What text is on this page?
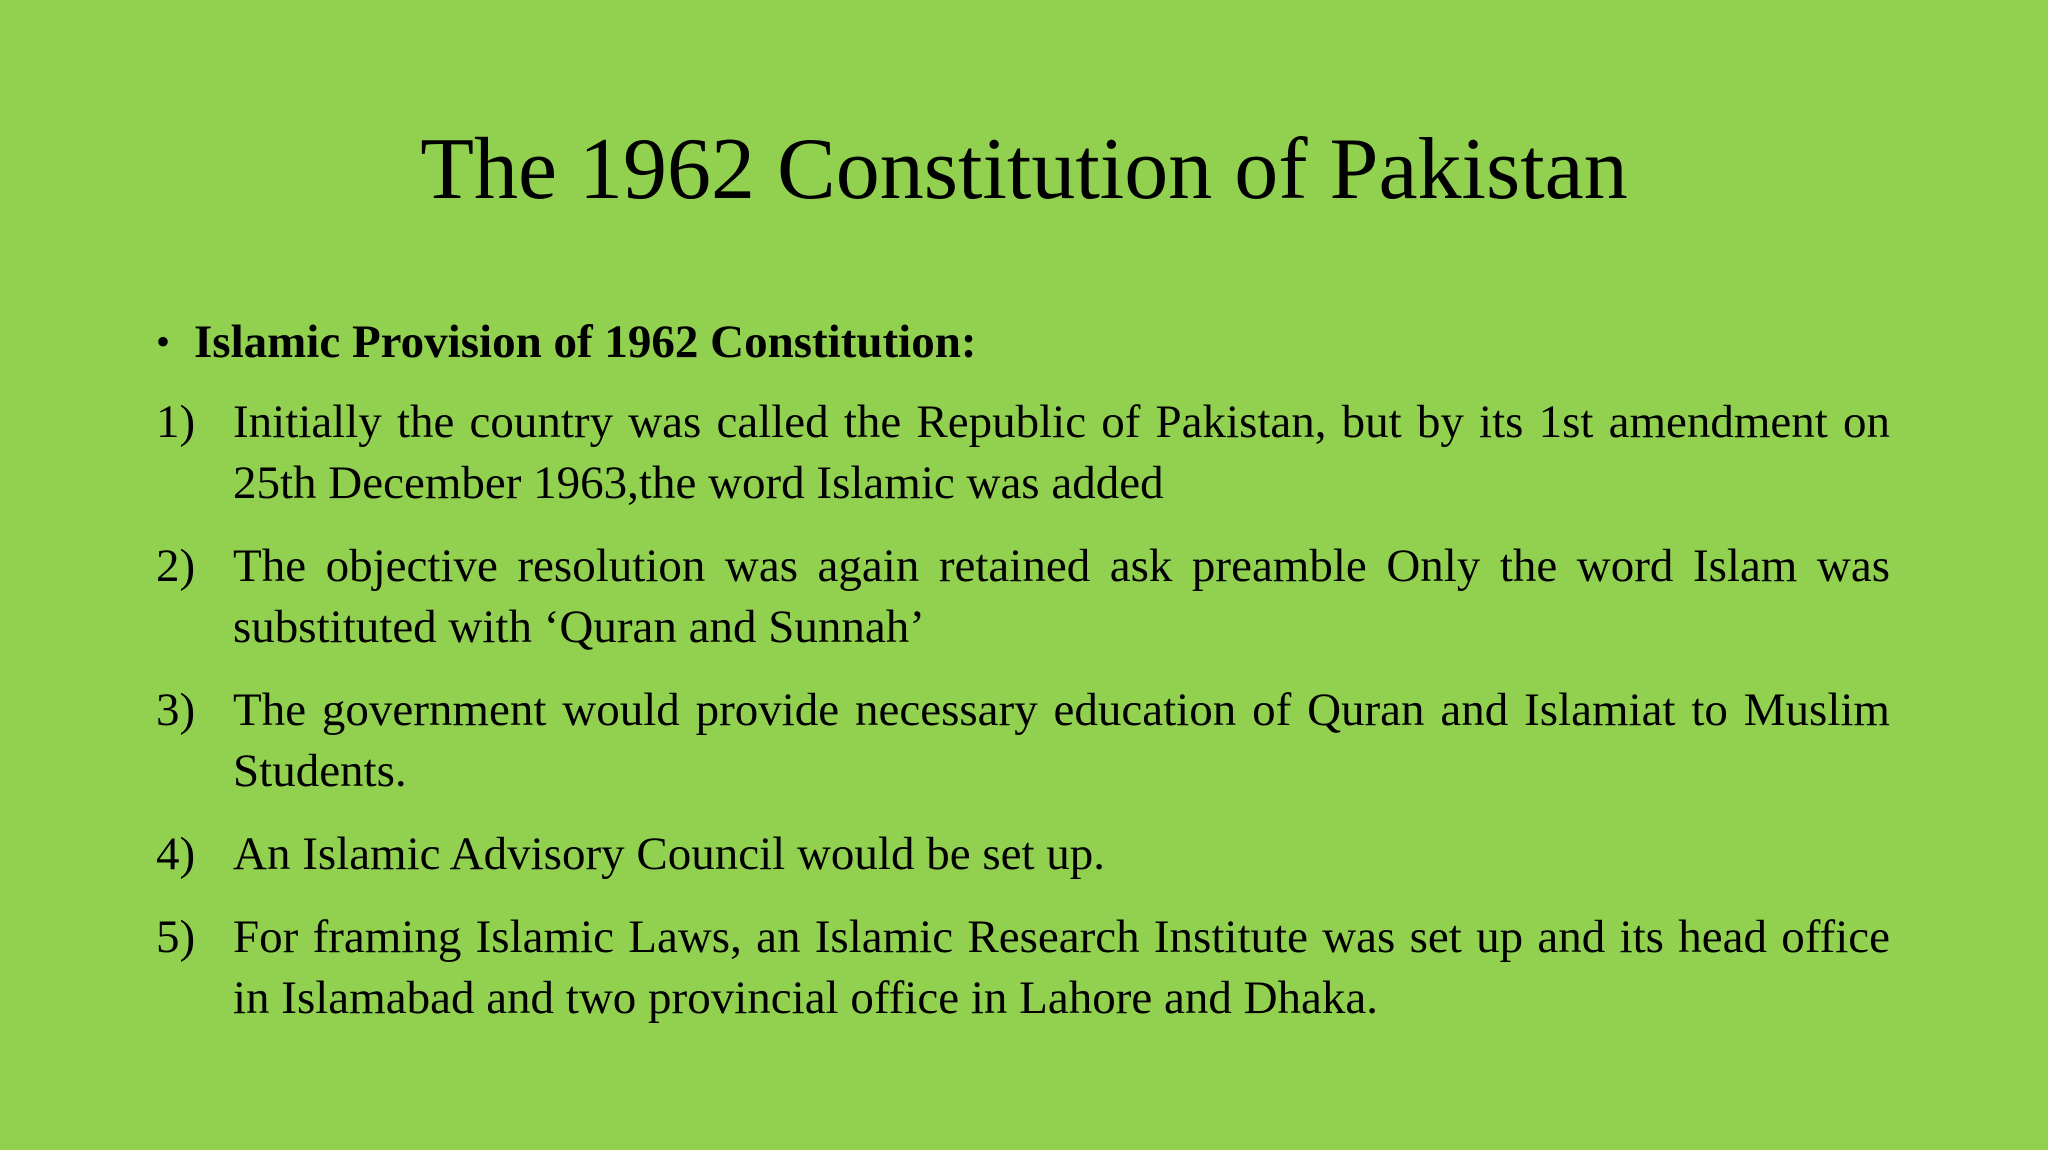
The 1962 Constitution of Pakistan
• Islamic Provision of 1962 Constitution:
1) Initially the country was called the Republic of Pakistan, but by its 1st amendment on 25th December 1963,the word Islamic was added
2) The objective resolution was again retained ask preamble Only the word Islam was substituted with ‘Quran and Sunnah’
3) The government would provide necessary education of Quran and Islamiat to Muslim Students.
4) An Islamic Advisory Council would be set up.
5) For framing Islamic Laws, an Islamic Research Institute was set up and its head office in Islamabad and two provincial office in Lahore and Dhaka.
